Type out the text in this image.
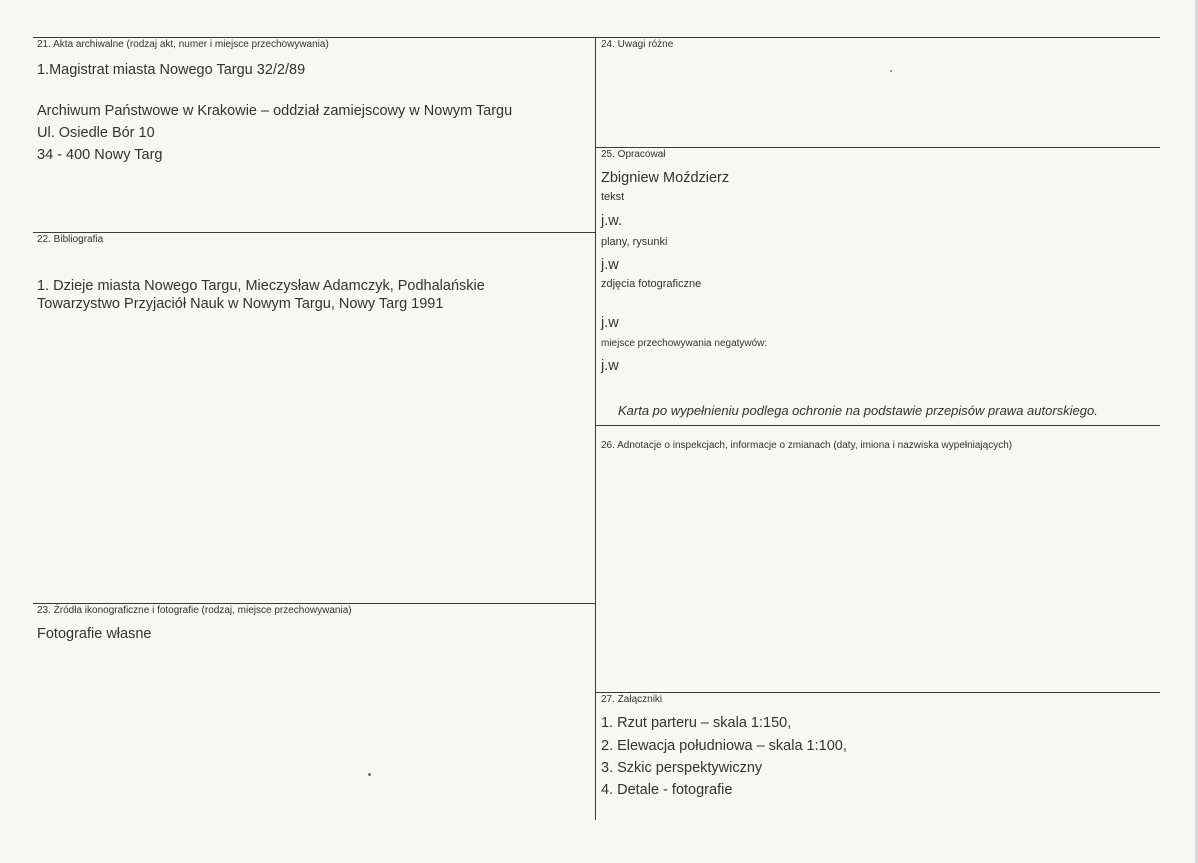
21. Akta archiwalne (rodzaj akt, numer i miejsce przechowywania)
1.Magistrat miasta Nowego Targu 32/2/89
Archiwum Państwowe w Krakowie – oddział zamiejscowy w Nowym Targu
Ul. Osiedle Bór 10
34 - 400 Nowy Targ
22. Bibliografia
1. Dzieje miasta Nowego Targu, Mieczysław Adamczyk, Podhalańskie
Towarzystwo Przyjaciół Nauk w Nowym Targu, Nowy Targ 1991
23. Źródła ikonograficzne i fotografie (rodzaj, miejsce przechowywania)
Fotografie własne
24. Uwagi różne
25. Opracował
Zbigniew Moździerz
tekst
j.w.
plany, rysunki
j.w
zdjęcia fotograficzne
j.w
miejsce przechowywania negatywów:
j.w
Karta po wypełnieniu podlega ochronie na podstawie przepisów prawa autorskiego.
26. Adnotacje o inspekcjach, informacje o zmianach (daty, imiona i nazwiska wypełniających)
27. Załączniki
1. Rzut parteru – skala 1:150,
2. Elewacja południowa – skala 1:100,
3. Szkic perspektywiczny
4. Detale - fotografie
